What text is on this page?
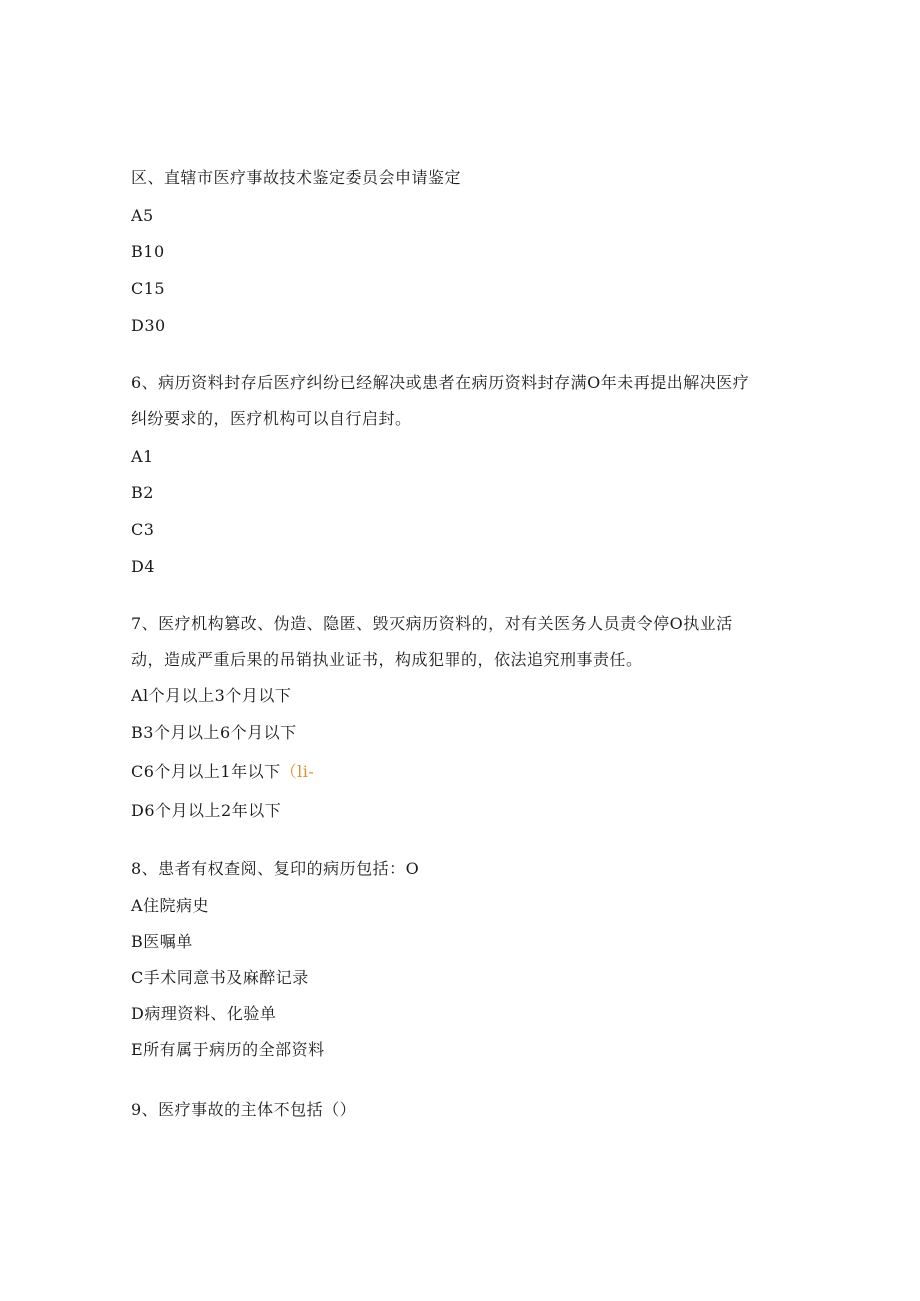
区、直辖市医疗事故技术鉴定委员会申请鉴定
A5
B10
C15
D30
6、病历资料封存后医疗纠纷已经解决或患者在病历资料封存满O年未再提出解决医疗
纠纷要求的，医疗机构可以自行启封。
A1
B2
C3
D4
7、医疗机构篡改、伪造、隐匿、毁灭病历资料的，对有关医务人员责令停O执业活
动，造成严重后果的吊销执业证书，构成犯罪的，依法追究刑事责任。
Al个月以上3个月以下
B3个月以上6个月以下
C6个月以上1年以下（li-
D6个月以上2年以下
8、患者有权查阅、复印的病历包括：O
A住院病史
B医嘱单
C手术同意书及麻醉记录
D病理资料、化验单
E所有属于病历的全部资料
9、医疗事故的主体不包括（）
